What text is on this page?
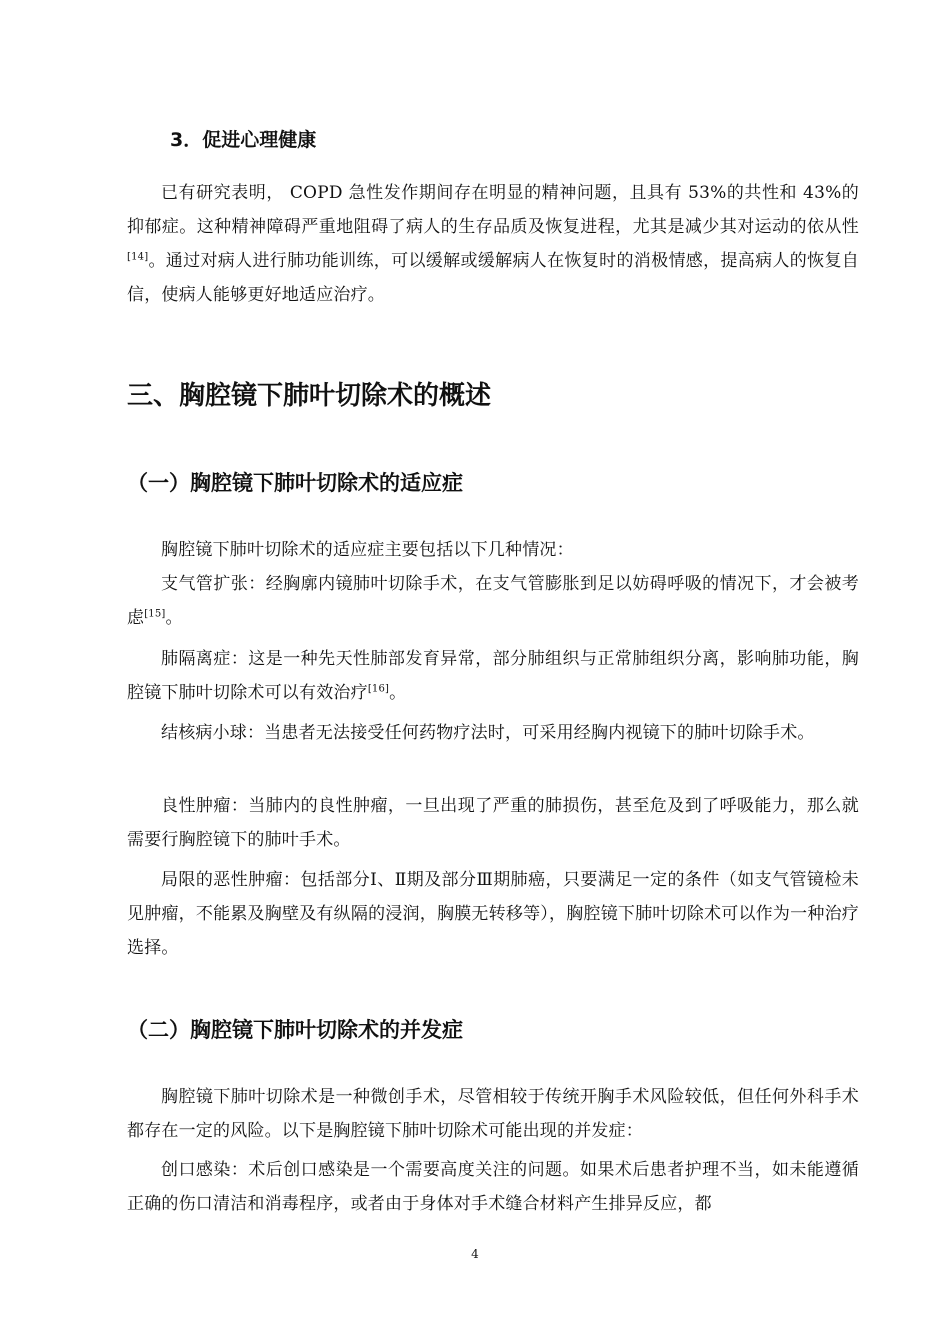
3．促进心理健康

已有研究表明， COPD 急性发作期间存在明显的精神问题，且具有 53%的共性和 43%的抑郁症。这种精神障碍严重地阻碍了病人的生存品质及恢复进程，尤其是减少其对运动的依从性[14]。通过对病人进行肺功能训练，可以缓解或缓解病人在恢复时的消极情感，提高病人的恢复自信，使病人能够更好地适应治疗。

三、胸腔镜下肺叶切除术的概述
（一）胸腔镜下肺叶切除术的适应症

胸腔镜下肺叶切除术的适应症主要包括以下几种情况：

支气管扩张：经胸廓内镜肺叶切除手术，在支气管膨胀到足以妨碍呼吸的情况下，才会被考虑[15]。

肺隔离症：这是一种先天性肺部发育异常，部分肺组织与正常肺组织分离，影响肺功能，胸腔镜下肺叶切除术可以有效治疗[16]。

结核病小球：当患者无法接受任何药物疗法时，可采用经胸内视镜下的肺叶切除手术。

良性肿瘤：当肺内的良性肿瘤，一旦出现了严重的肺损伤，甚至危及到了呼吸能力，那么就需要行胸腔镜下的肺叶手术。

局限的恶性肿瘤：包括部分Ⅰ、Ⅱ期及部分Ⅲ期肺癌，只要满足一定的条件（如支气管镜检未见肿瘤，不能累及胸壁及有纵隔的浸润，胸膜无转移等），胸腔镜下肺叶切除术可以作为一种治疗选择。

（二）胸腔镜下肺叶切除术的并发症

胸腔镜下肺叶切除术是一种微创手术，尽管相较于传统开胸手术风险较低，但任何外科手术都存在一定的风险。以下是胸腔镜下肺叶切除术可能出现的并发症：

创口感染：术后创口感染是一个需要高度关注的问题。如果术后患者护理不当，如未能遵循正确的伤口清洁和消毒程序，或者由于身体对手术缝合材料产生排异反应，都

4
